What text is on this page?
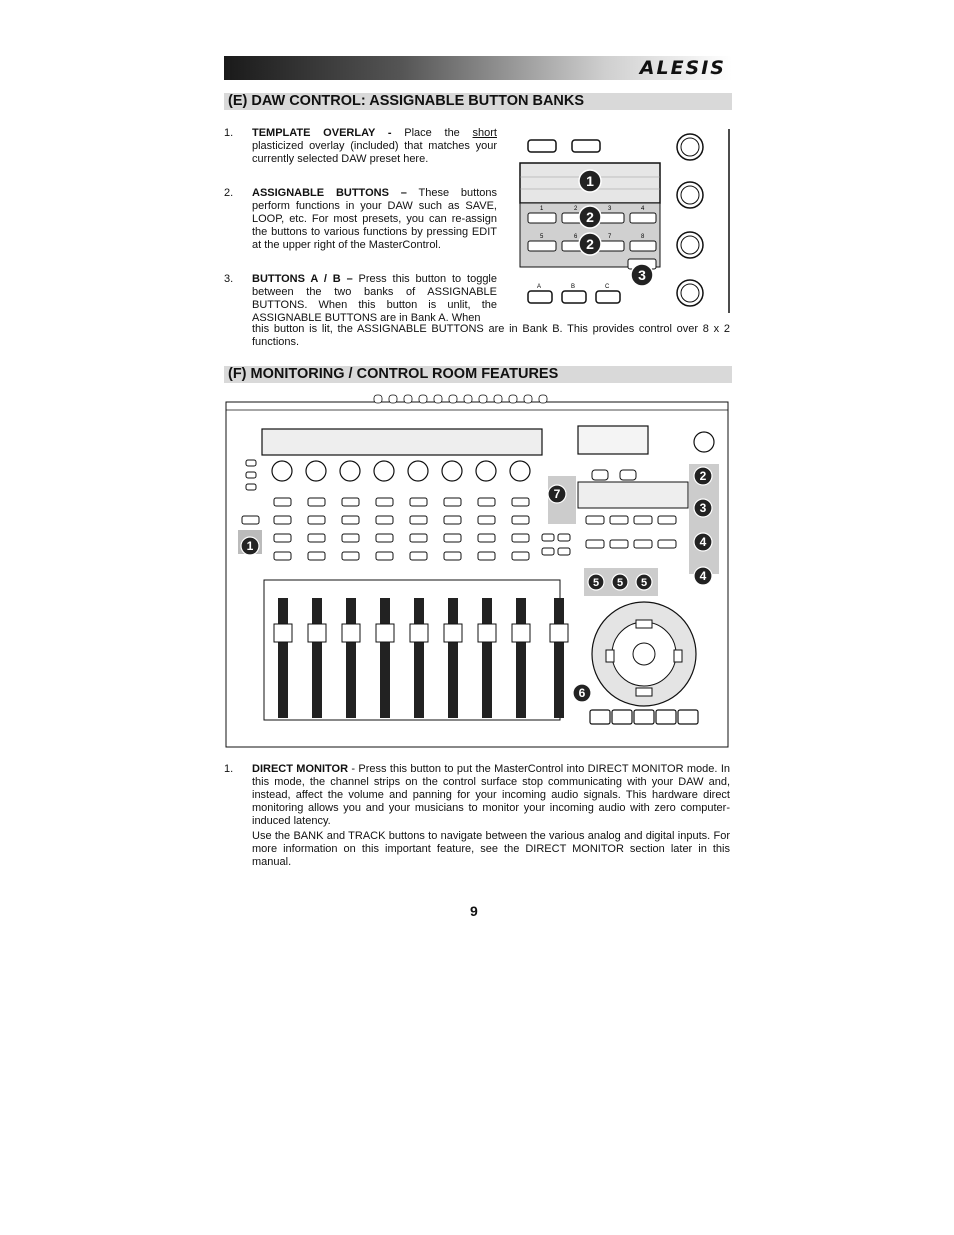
ALESIS
(E) DAW CONTROL: ASSIGNABLE BUTTON BANKS
1. TEMPLATE OVERLAY - Place the short plasticized overlay (included) that matches your currently selected DAW preset here.
2. ASSIGNABLE BUTTONS – These buttons perform functions in your DAW such as SAVE, LOOP, etc. For most presets, you can re-assign the buttons to various functions by pressing EDIT at the upper right of the MasterControl.
3. BUTTONS A / B – Press this button to toggle between the two banks of ASSIGNABLE BUTTONS. When this button is unlit, the ASSIGNABLE BUTTONS are in Bank A. When
this button is lit, the ASSIGNABLE BUTTONS are in Bank B. This provides control over 8 x 2 functions.
1	2	3	4
5	6	7	8
A	B	C
1
2
2
3
(F) MONITORING / CONTROL ROOM FEATURES
1
2
3
4
4
5 5 5
6
7
1. DIRECT MONITOR - Press this button to put the MasterControl into DIRECT MONITOR mode. In this mode, the channel strips on the control surface stop communicating with your DAW and, instead, affect the volume and panning for your incoming audio signals. This hardware direct monitoring allows you and your musicians to monitor your incoming audio with zero computer-induced latency.
Use the BANK and TRACK buttons to navigate between the various analog and digital inputs. For more information on this important feature, see the DIRECT MONITOR section later in this manual.
9
